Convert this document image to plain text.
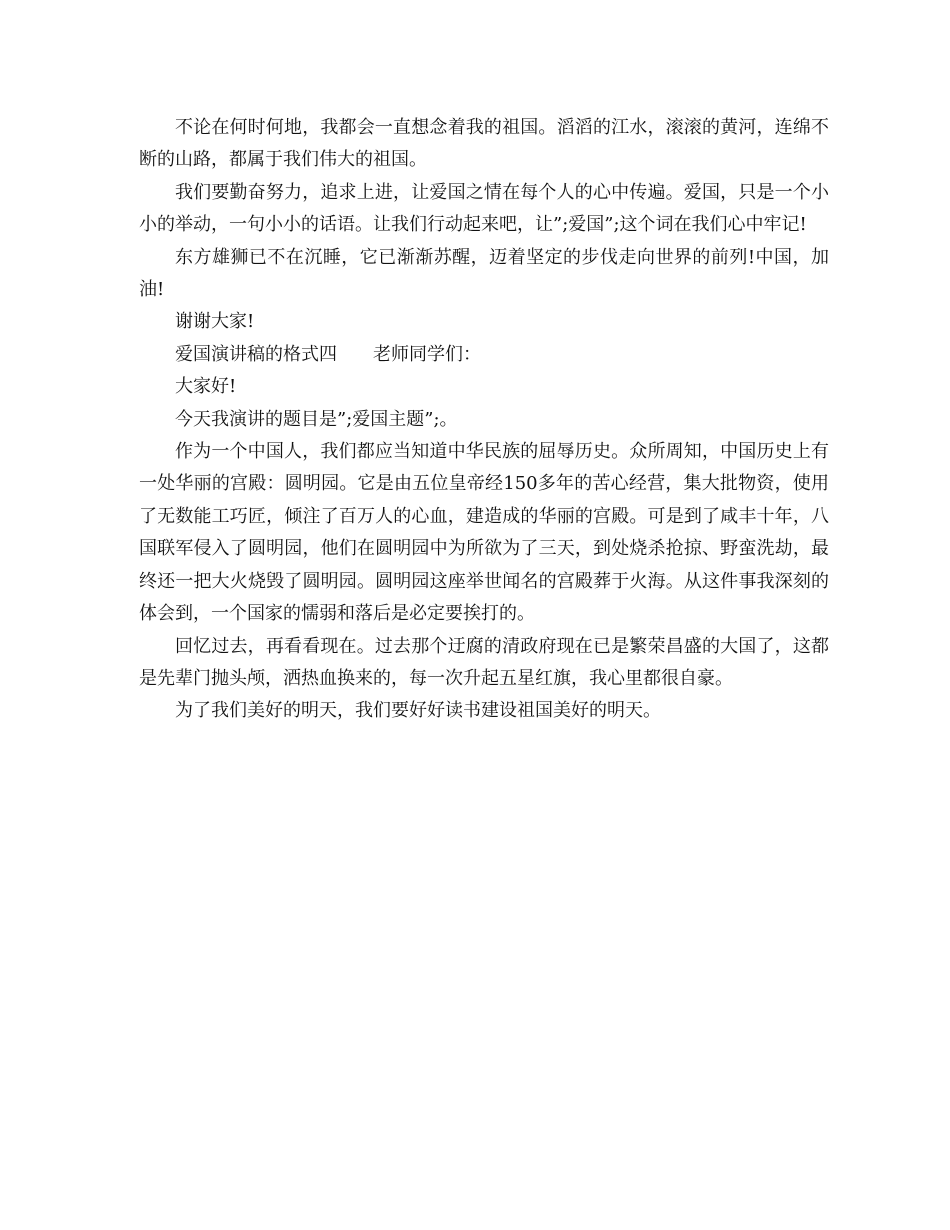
不论在何时何地，我都会一直想念着我的祖国。滔滔的江水，滚滚的黄河，连绵不断的山路，都属于我们伟大的祖国。

我们要勤奋努力，追求上进，让爱国之情在每个人的心中传遍。爱国，只是一个小小的举动，一句小小的话语。让我们行动起来吧，让”;爱国”;这个词在我们心中牢记!

东方雄狮已不在沉睡，它已渐渐苏醒，迈着坚定的步伐走向世界的前列!中国，加油!

谢谢大家!

爱国演讲稿的格式四　　老师同学们：

大家好!

今天我演讲的题目是”;爱国主题”;。

作为一个中国人，我们都应当知道中华民族的屈辱历史。众所周知，中国历史上有一处华丽的宫殿：圆明园。它是由五位皇帝经150多年的苦心经营，集大批物资，使用了无数能工巧匠，倾注了百万人的心血，建造成的华丽的宫殿。可是到了咸丰十年，八国联军侵入了圆明园，他们在圆明园中为所欲为了三天，到处烧杀抢掠、野蛮洗劫，最终还一把大火烧毁了圆明园。圆明园这座举世闻名的宫殿葬于火海。从这件事我深刻的体会到，一个国家的懦弱和落后是必定要挨打的。

回忆过去，再看看现在。过去那个迂腐的清政府现在已是繁荣昌盛的大国了，这都是先辈门抛头颅，洒热血换来的，每一次升起五星红旗，我心里都很自豪。

为了我们美好的明天，我们要好好读书建设祖国美好的明天。
